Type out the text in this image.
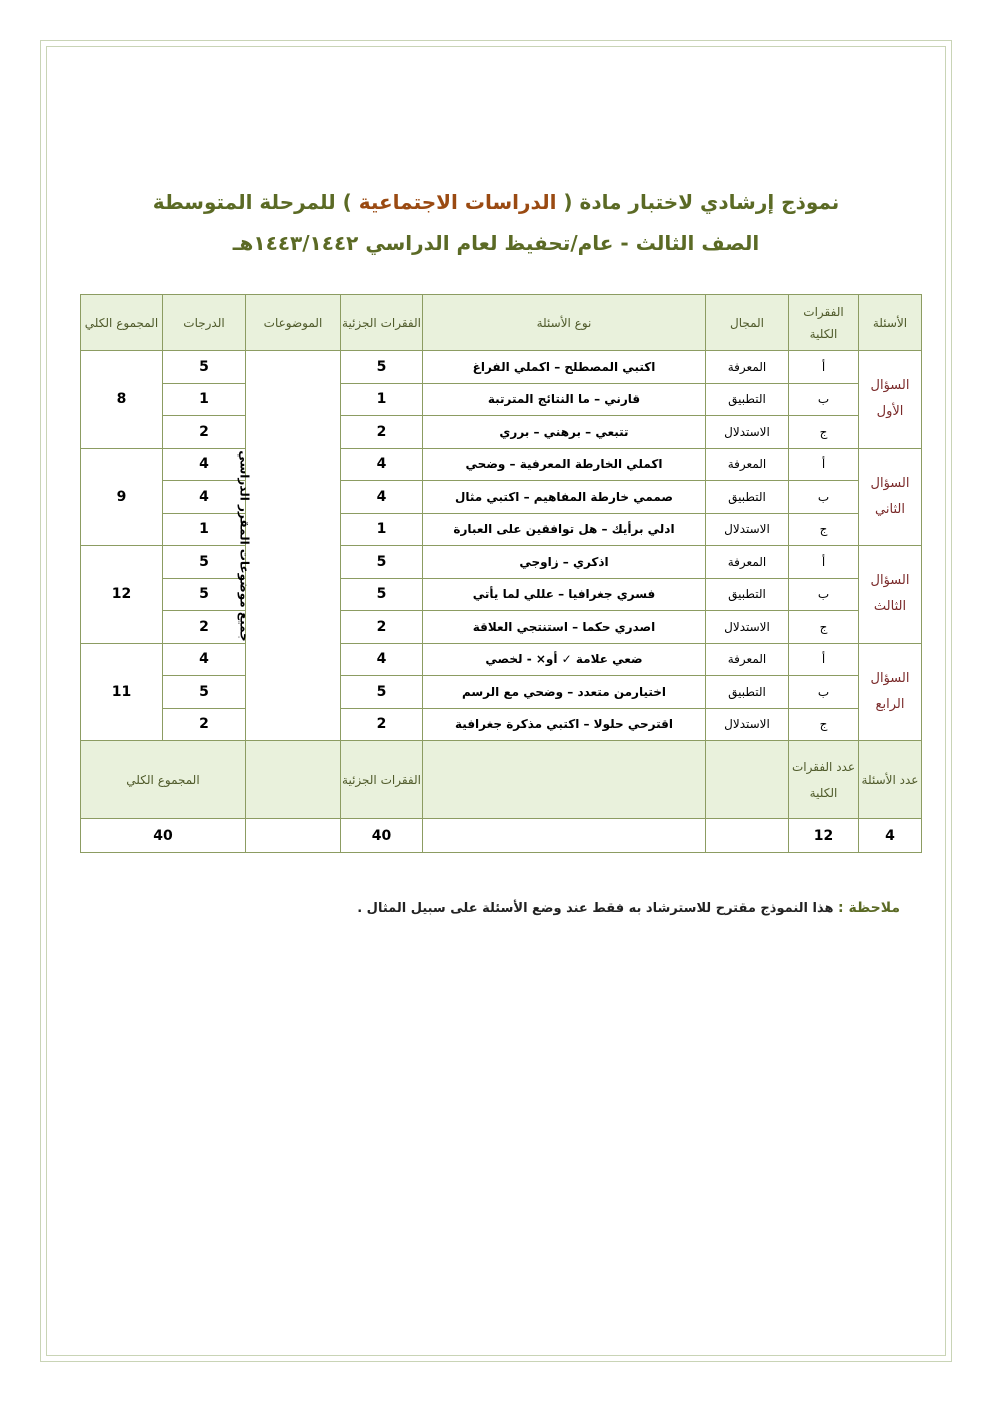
نموذج إرشادي لاختبار مادة ( الدراسات الاجتماعية ) للمرحلة المتوسطة
الصف الثالث - عام/تحفيظ لعام الدراسي ١٤٤٣/١٤٤٢هـ
الأسئلة	الفقرات الكلية	المجال	نوع الأسئلة	الفقرات الجزئية	الموضوعات	الدرجات	المجموع الكلي
السؤال الأول	أ	المعرفة	اكتبي المصطلح – اكملي الفراغ	5	جميع موضوعات المقرر الدراسي	5	8
	ب	التطبيق	قارني – ما النتائج المترتبة	1		1	
	ج	الاستدلال	تتبعي – برهني – برري	2		2	
السؤال الثاني	أ	المعرفة	اكملي الخارطة المعرفية – وضحي	4		4	9
	ب	التطبيق	صممي خارطة المفاهيم – اكتبي مثال	4		4	
	ج	الاستدلال	ادلي برأيك – هل توافقين على العبارة	1		1	
السؤال الثالث	أ	المعرفة	اذكري – زاوجي	5		5	12
	ب	التطبيق	فسري جغرافيا – عللي لما يأتي	5		5	
	ج	الاستدلال	اصدري حكما – استنتجي العلاقة	2		2	
السؤال الرابع	أ	المعرفة	ضعي علامة ✓ أو× - لخصي	4		4	11
	ب	التطبيق	اختيارمن متعدد – وضحي مع الرسم	5		5	
	ج	الاستدلال	اقترحي حلولا – اكتبي مذكرة جغرافية	2		2	
عدد الأسئلة	عدد الفقرات الكلية			الفقرات الجزئية		المجموع الكلي	
4	12			40		40	
ملاحظة : هذا النموذج مقترح للاسترشاد به فقط عند وضع الأسئلة على سبيل المثال .
